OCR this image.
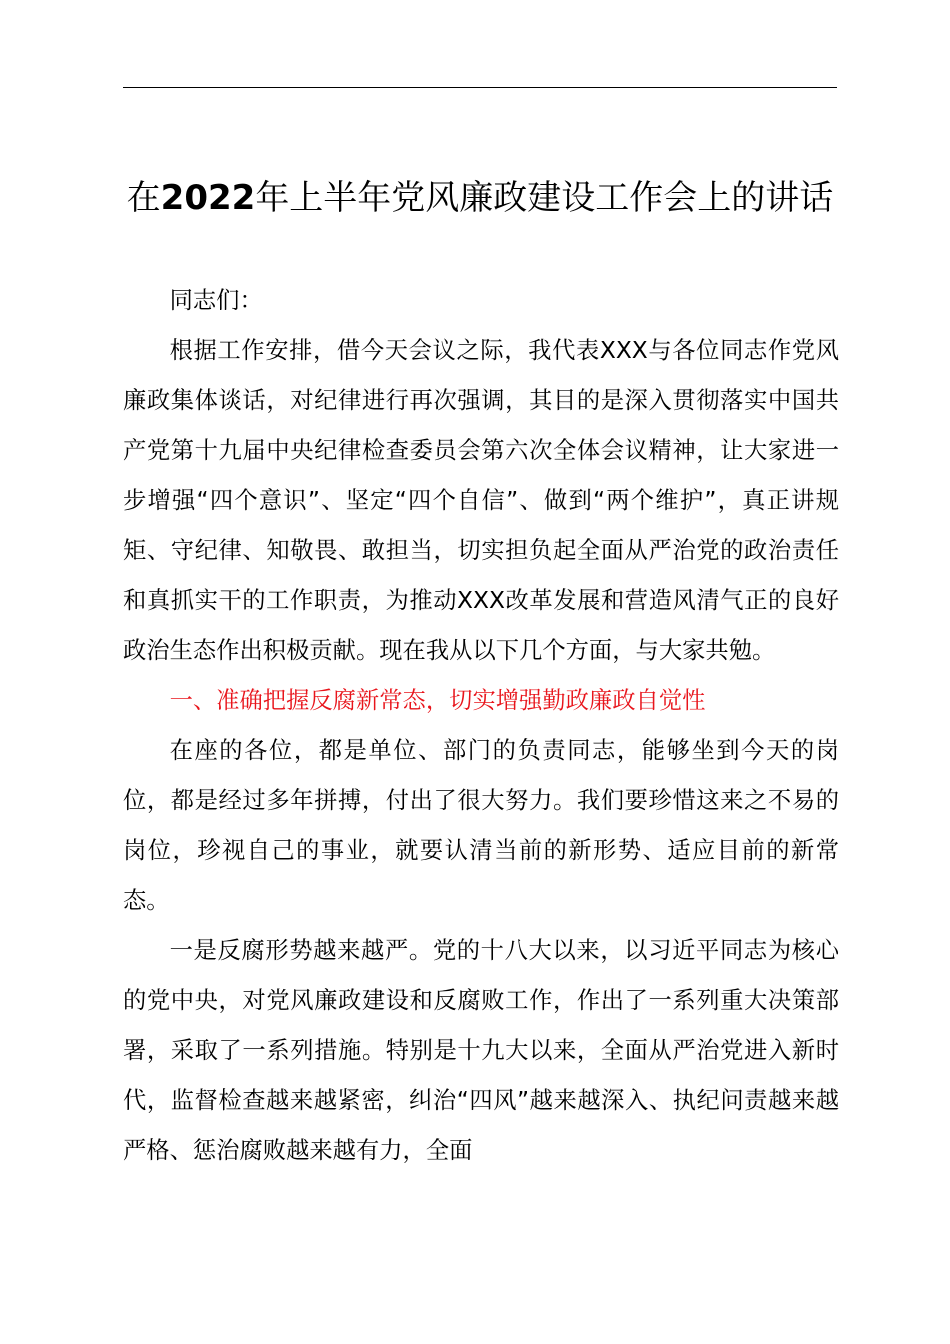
在2022年上半年党风廉政建设工作会上的讲话

同志们：

根据工作安排，借今天会议之际，我代表XXX与各位同志作党风廉政集体谈话，对纪律进行再次强调，其目的是深入贯彻落实中国共产党第十九届中央纪律检查委员会第六次全体会议精神，让大家进一步增强“四个意识”、坚定“四个自信”、做到“两个维护”，真正讲规矩、守纪律、知敬畏、敢担当，切实担负起全面从严治党的政治责任和真抓实干的工作职责，为推动XXX改革发展和营造风清气正的良好政治生态作出积极贡献。现在我从以下几个方面，与大家共勉。

一、准确把握反腐新常态，切实增强勤政廉政自觉性

在座的各位，都是单位、部门的负责同志，能够坐到今天的岗位，都是经过多年拼搏，付出了很大努力。我们要珍惜这来之不易的岗位，珍视自己的事业，就要认清当前的新形势、适应目前的新常态。

一是反腐形势越来越严。党的十八大以来，以习近平同志为核心的党中央，对党风廉政建设和反腐败工作，作出了一系列重大决策部署，采取了一系列措施。特别是十九大以来，全面从严治党进入新时代，监督检查越来越紧密，纠治“四风”越来越深入、执纪问责越来越严格、惩治腐败越来越有力，全面
